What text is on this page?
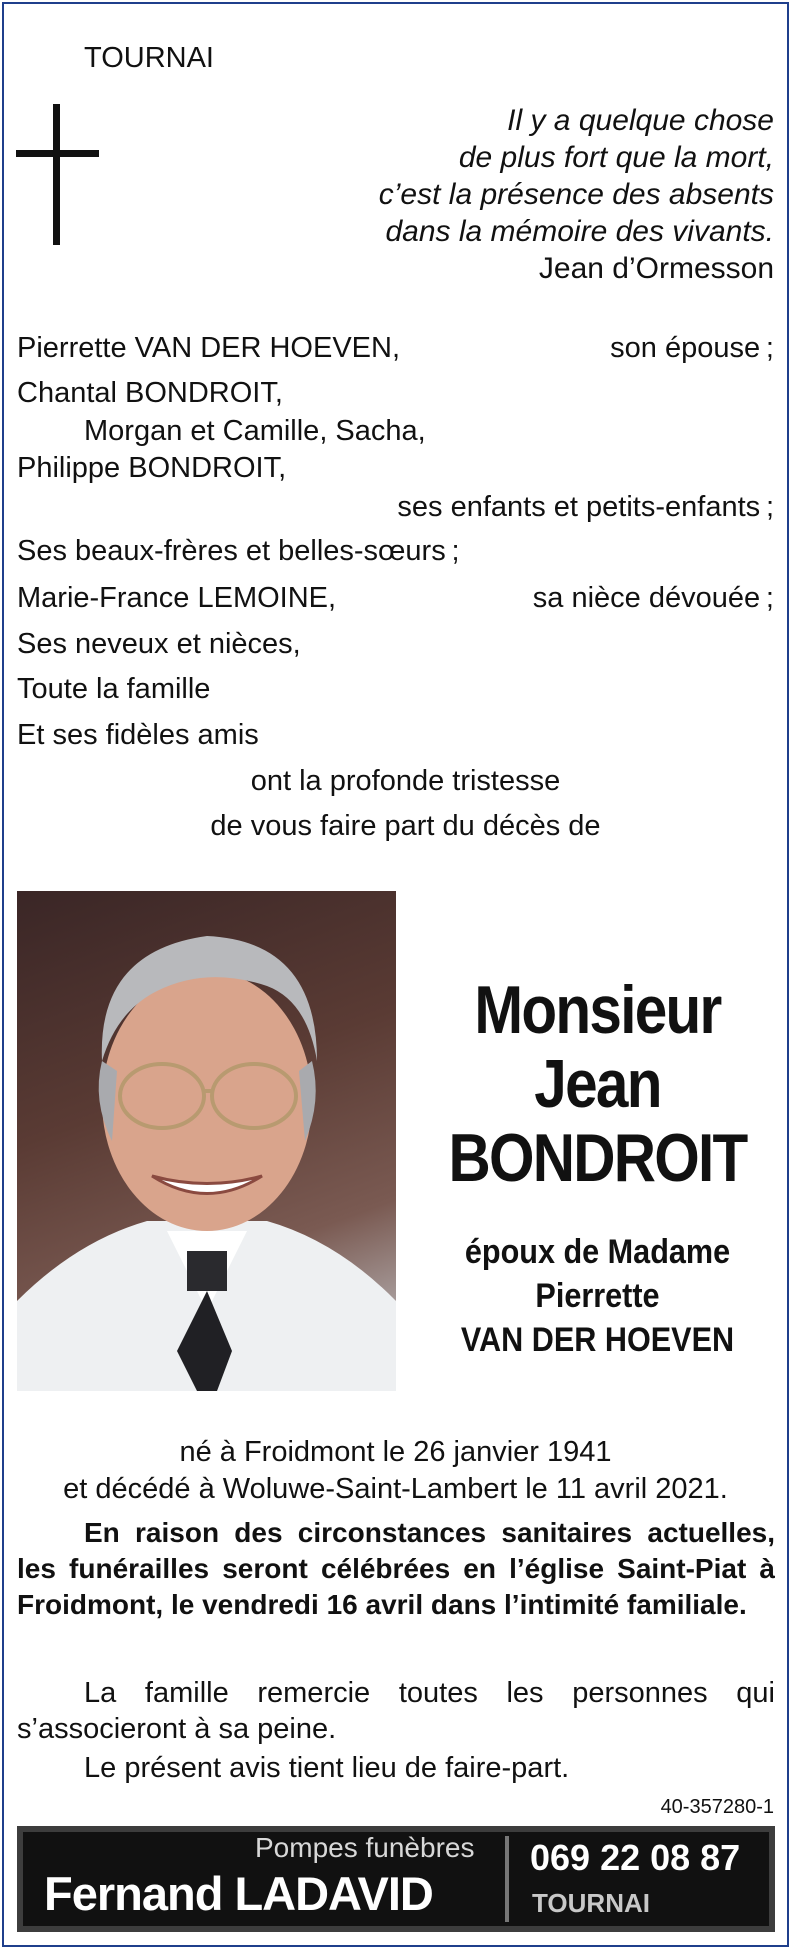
TOURNAI
Il y a quelque chose
de plus fort que la mort,
c’est la présence des absents
dans la mémoire des vivants.
Jean d’Ormesson
Pierrette VAN DER HOEVEN,	son épouse ;
Chantal BONDROIT,
Morgan et Camille, Sacha,
Philippe BONDROIT,
ses enfants et petits-enfants ;
Ses beaux-frères et belles-sœurs ;
Marie-France LEMOINE,	sa nièce dévouée ;
Ses neveux et nièces,
Toute la famille
Et ses fidèles amis
ont la profonde tristesse
de vous faire part du décès de
Monsieur
Jean
BONDROIT
époux de Madame
Pierrette
VAN DER HOEVEN
né à Froidmont le 26 janvier 1941
et décédé à Woluwe-Saint-Lambert le 11 avril 2021.
En raison des circonstances sanitaires actuelles, les funérailles seront célébrées en l’église Saint-Piat à Froidmont, le vendredi 16 avril dans l’intimité familiale.
La famille remercie toutes les personnes qui s’associeront à sa peine.
Le présent avis tient lieu de faire-part.
40-357280-1
Pompes funèbres
Fernand LADAVID
069 22 08 87
TOURNAI
